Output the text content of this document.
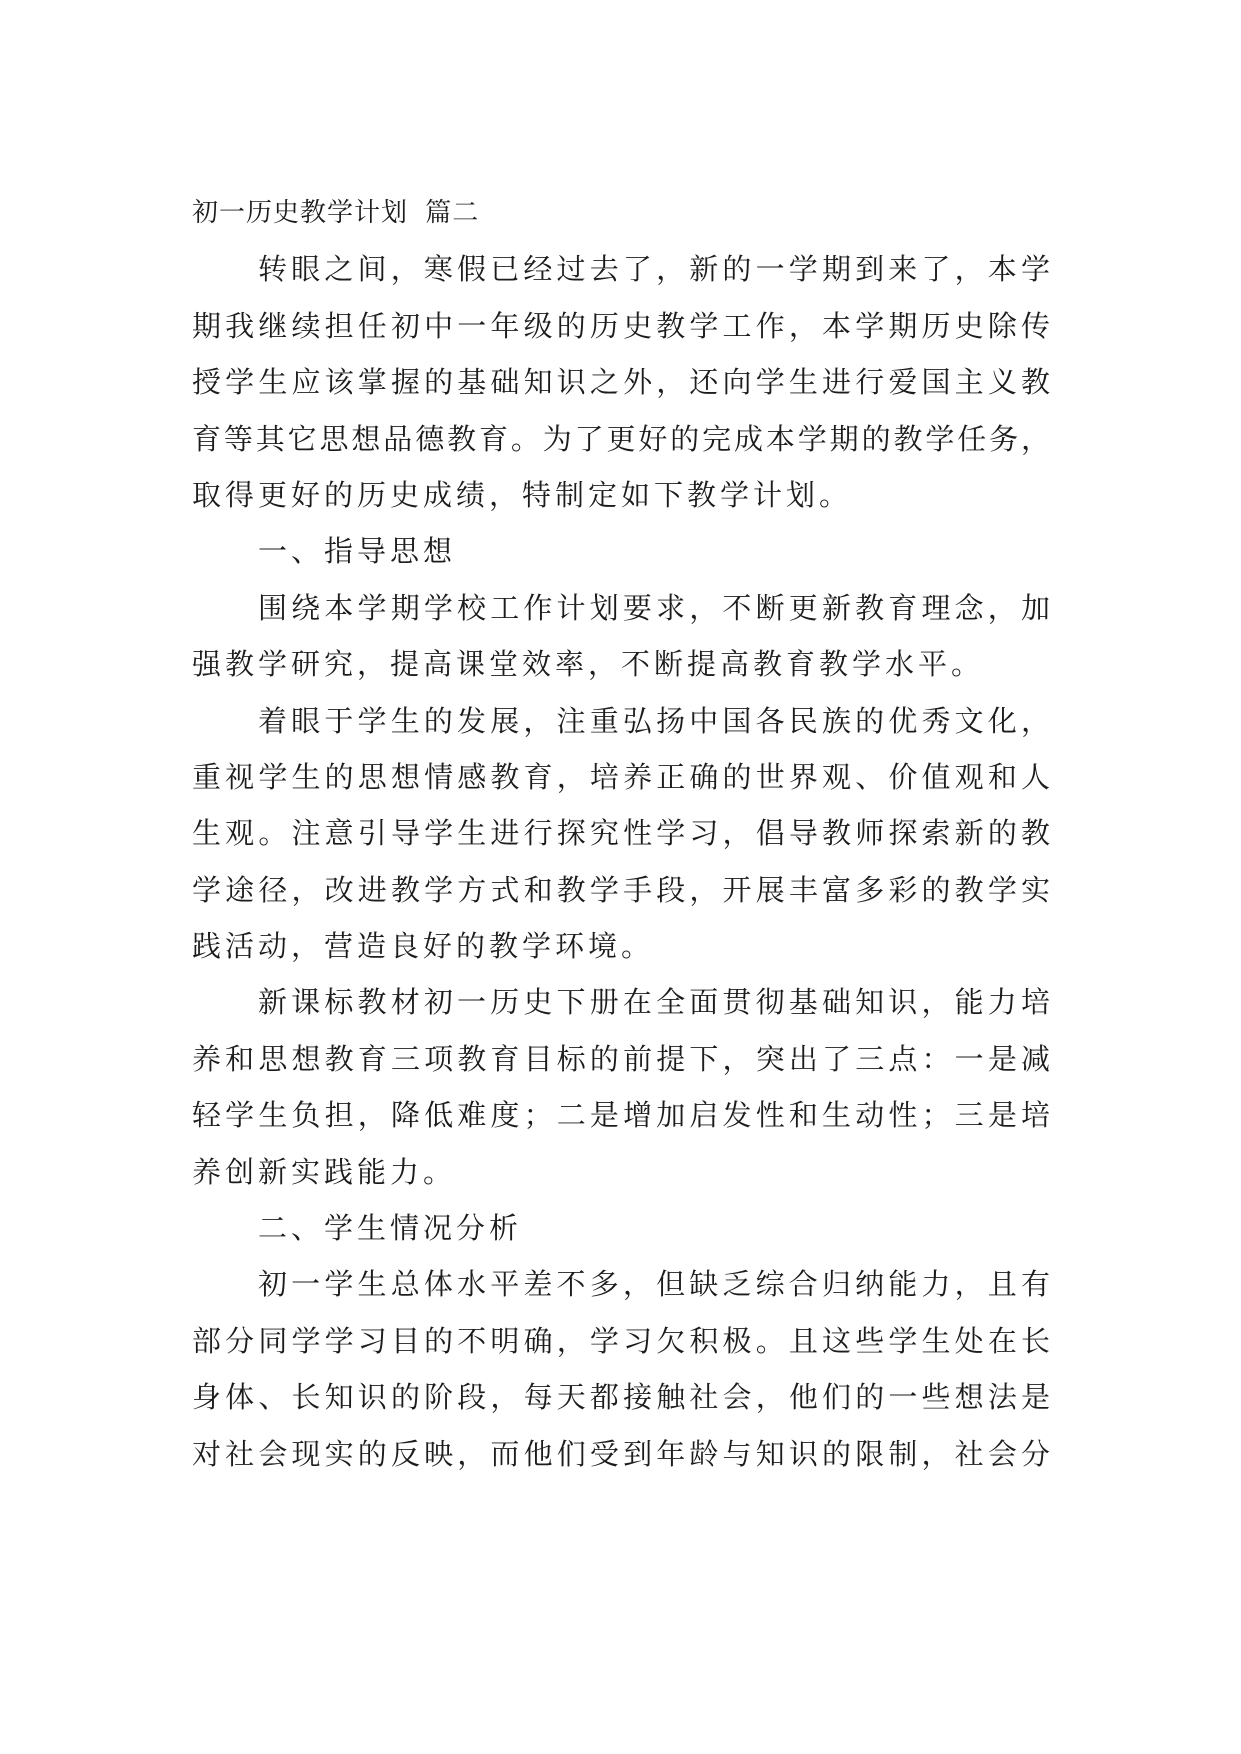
初一历史教学计划 篇二
转眼之间，寒假已经过去了，新的一学期到来了，本学
期我继续担任初中一年级的历史教学工作，本学期历史除传
授学生应该掌握的基础知识之外，还向学生进行爱国主义教
育等其它思想品德教育。为了更好的完成本学期的教学任务，
取得更好的历史成绩，特制定如下教学计划。
一、指导思想
围绕本学期学校工作计划要求，不断更新教育理念，加
强教学研究，提高课堂效率，不断提高教育教学水平。
着眼于学生的发展，注重弘扬中国各民族的优秀文化，
重视学生的思想情感教育，培养正确的世界观、价值观和人
生观。注意引导学生进行探究性学习，倡导教师探索新的教
学途径，改进教学方式和教学手段，开展丰富多彩的教学实
践活动，营造良好的教学环境。
新课标教材初一历史下册在全面贯彻基础知识，能力培
养和思想教育三项教育目标的前提下，突出了三点：一是减
轻学生负担，降低难度；二是增加启发性和生动性；三是培
养创新实践能力。
二、学生情况分析
初一学生总体水平差不多，但缺乏综合归纳能力，且有
部分同学学习目的不明确，学习欠积极。且这些学生处在长
身体、长知识的阶段，每天都接触社会，他们的一些想法是
对社会现实的反映，而他们受到年龄与知识的限制，社会分
